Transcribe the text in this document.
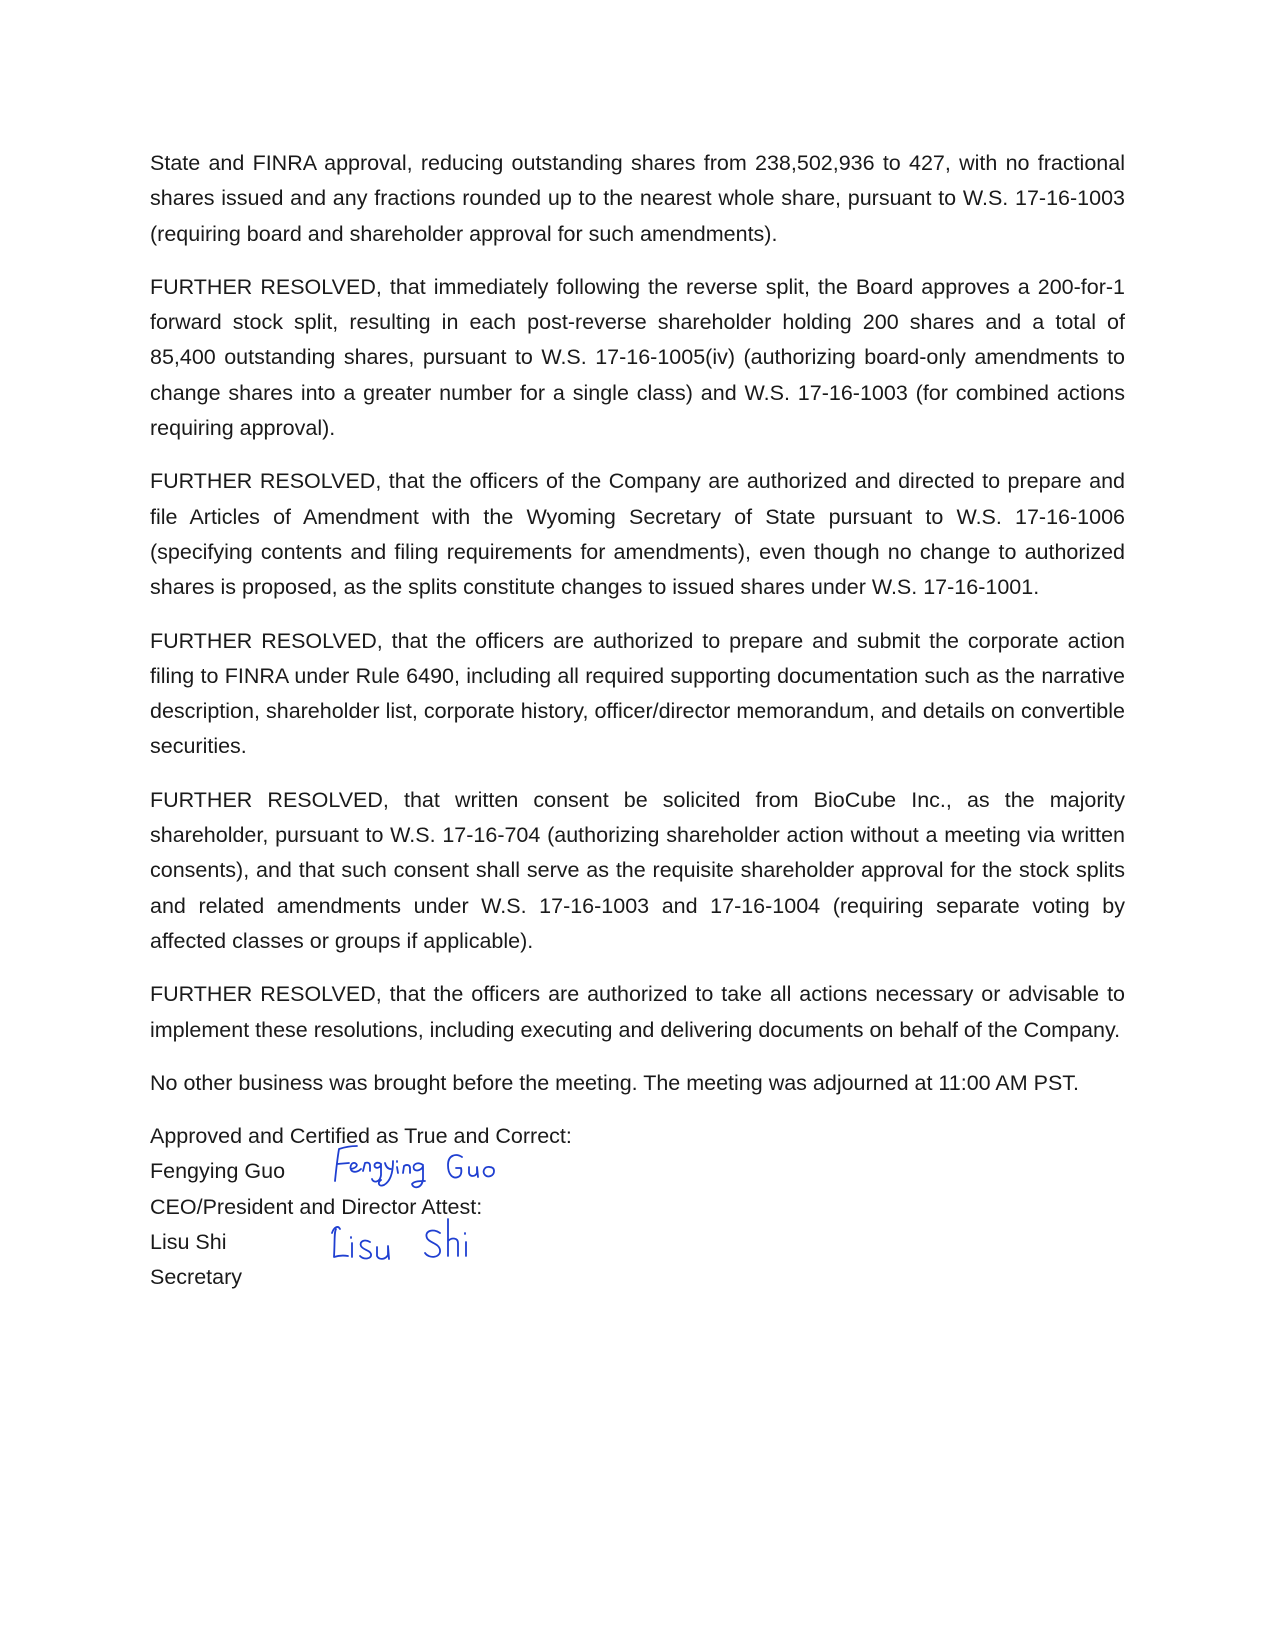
State and FINRA approval, reducing outstanding shares from 238,502,936 to 427, with no fractional shares issued and any fractions rounded up to the nearest whole share, pursuant to W.S. 17-16-1003 (requiring board and shareholder approval for such amendments).

FURTHER RESOLVED, that immediately following the reverse split, the Board approves a 200-for-1 forward stock split, resulting in each post-reverse shareholder holding 200 shares and a total of 85,400 outstanding shares, pursuant to W.S. 17-16-1005(iv) (authorizing board-only amendments to change shares into a greater number for a single class) and W.S. 17-16-1003 (for combined actions requiring approval).

FURTHER RESOLVED, that the officers of the Company are authorized and directed to prepare and file Articles of Amendment with the Wyoming Secretary of State pursuant to W.S. 17-16-1006 (specifying contents and filing requirements for amendments), even though no change to authorized shares is proposed, as the splits constitute changes to issued shares under W.S. 17-16-1001.

FURTHER RESOLVED, that the officers are authorized to prepare and submit the corporate action filing to FINRA under Rule 6490, including all required supporting documentation such as the narrative description, shareholder list, corporate history, officer/director memorandum, and details on convertible securities.

FURTHER RESOLVED, that written consent be solicited from BioCube Inc., as the majority shareholder, pursuant to W.S. 17-16-704 (authorizing shareholder action without a meeting via written consents), and that such consent shall serve as the requisite shareholder approval for the stock splits and related amendments under W.S. 17-16-1003 and 17-16-1004 (requiring separate voting by affected classes or groups if applicable).

FURTHER RESOLVED, that the officers are authorized to take all actions necessary or advisable to implement these resolutions, including executing and delivering documents on behalf of the Company.

No other business was brought before the meeting. The meeting was adjourned at 11:00 AM PST.

Approved and Certified as True and Correct:
Fengying Guo
CEO/President and Director Attest:
Lisu Shi
Secretary
